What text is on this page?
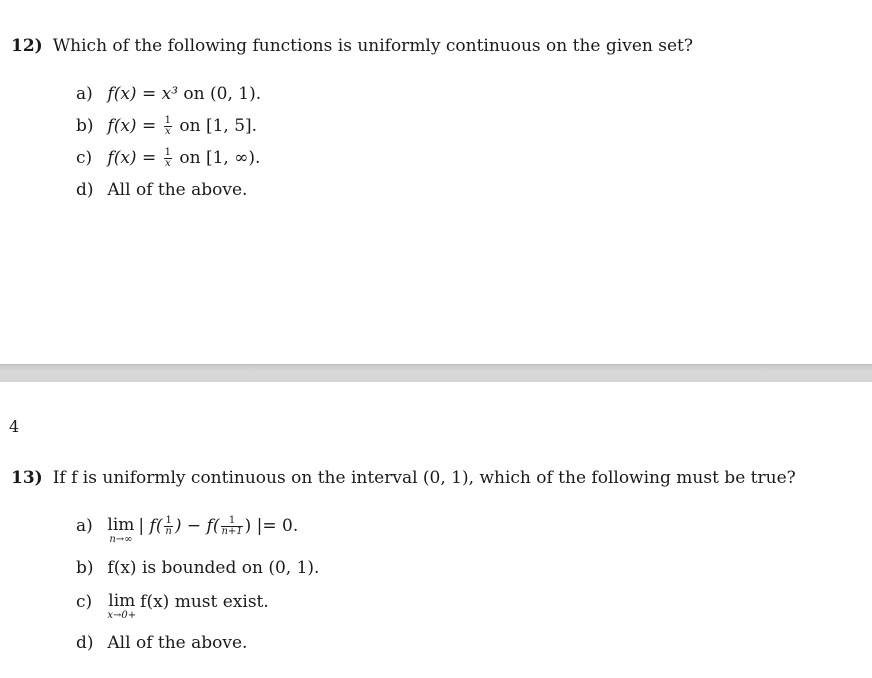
12) Which of the following functions is uniformly continuous on the given set?
a) f(x) = x³ on (0, 1).
b) $f(x) = \frac{1}{x}$ on [1, 5].
c) $f(x) = \frac{1}{x}$ on [1, ∞).
d) All of the above.
4
13) If f is uniformly continuous on the interval (0, 1), which of the following must be true?
a) lim
n→∞
| $f( \frac{1}{n}$ ) − $f( \frac{1}{n+1}$ ) |= 0.
b) f(x) is bounded on (0, 1).
c) lim
x→0+
f(x) must exist.
d) All of the above.
